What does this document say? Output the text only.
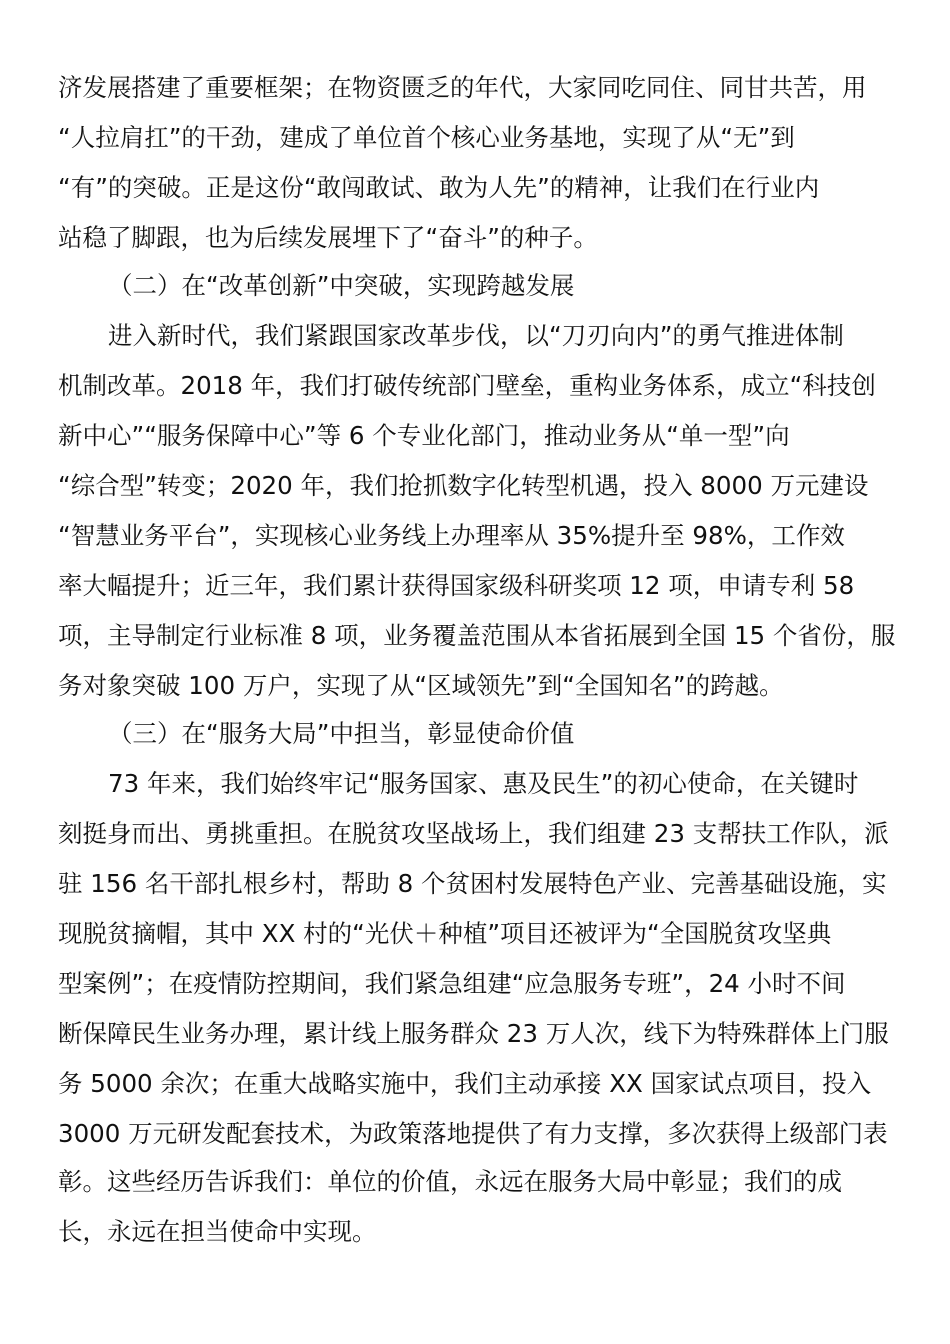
济发展搭建了重要框架；在物资匮乏的年代，大家同吃同住、同甘共苦，用
“人拉肩扛”的干劲，建成了单位首个核心业务基地，实现了从“无”到
“有”的突破。正是这份“敢闯敢试、敢为人先”的精神，让我们在行业内
站稳了脚跟，也为后续发展埋下了“奋斗”的种子。
（二）在“改革创新”中突破，实现跨越发展
进入新时代，我们紧跟国家改革步伐，以“刀刃向内”的勇气推进体制
机制改革。2018 年，我们打破传统部门壁垒，重构业务体系，成立“科技创
新中心”“服务保障中心”等 6 个专业化部门，推动业务从“单一型”向
“综合型”转变；2020 年，我们抢抓数字化转型机遇，投入 8000 万元建设
“智慧业务平台”，实现核心业务线上办理率从 35%提升至 98%，工作效
率大幅提升；近三年，我们累计获得国家级科研奖项 12 项，申请专利 58
项，主导制定行业标准 8 项，业务覆盖范围从本省拓展到全国 15 个省份，服
务对象突破 100 万户，实现了从“区域领先”到“全国知名”的跨越。
（三）在“服务大局”中担当，彰显使命价值
73 年来，我们始终牢记“服务国家、惠及民生”的初心使命，在关键时
刻挺身而出、勇挑重担。在脱贫攻坚战场上，我们组建 23 支帮扶工作队，派
驻 156 名干部扎根乡村，帮助 8 个贫困村发展特色产业、完善基础设施，实
现脱贫摘帽，其中 XX 村的“光伏＋种植”项目还被评为“全国脱贫攻坚典
型案例”；在疫情防控期间，我们紧急组建“应急服务专班”，24 小时不间
断保障民生业务办理，累计线上服务群众 23 万人次，线下为特殊群体上门服
务 5000 余次；在重大战略实施中，我们主动承接 XX 国家试点项目，投入
3000 万元研发配套技术，为政策落地提供了有力支撑，多次获得上级部门表
彰。这些经历告诉我们：单位的价值，永远在服务大局中彰显；我们的成
长，永远在担当使命中实现。
